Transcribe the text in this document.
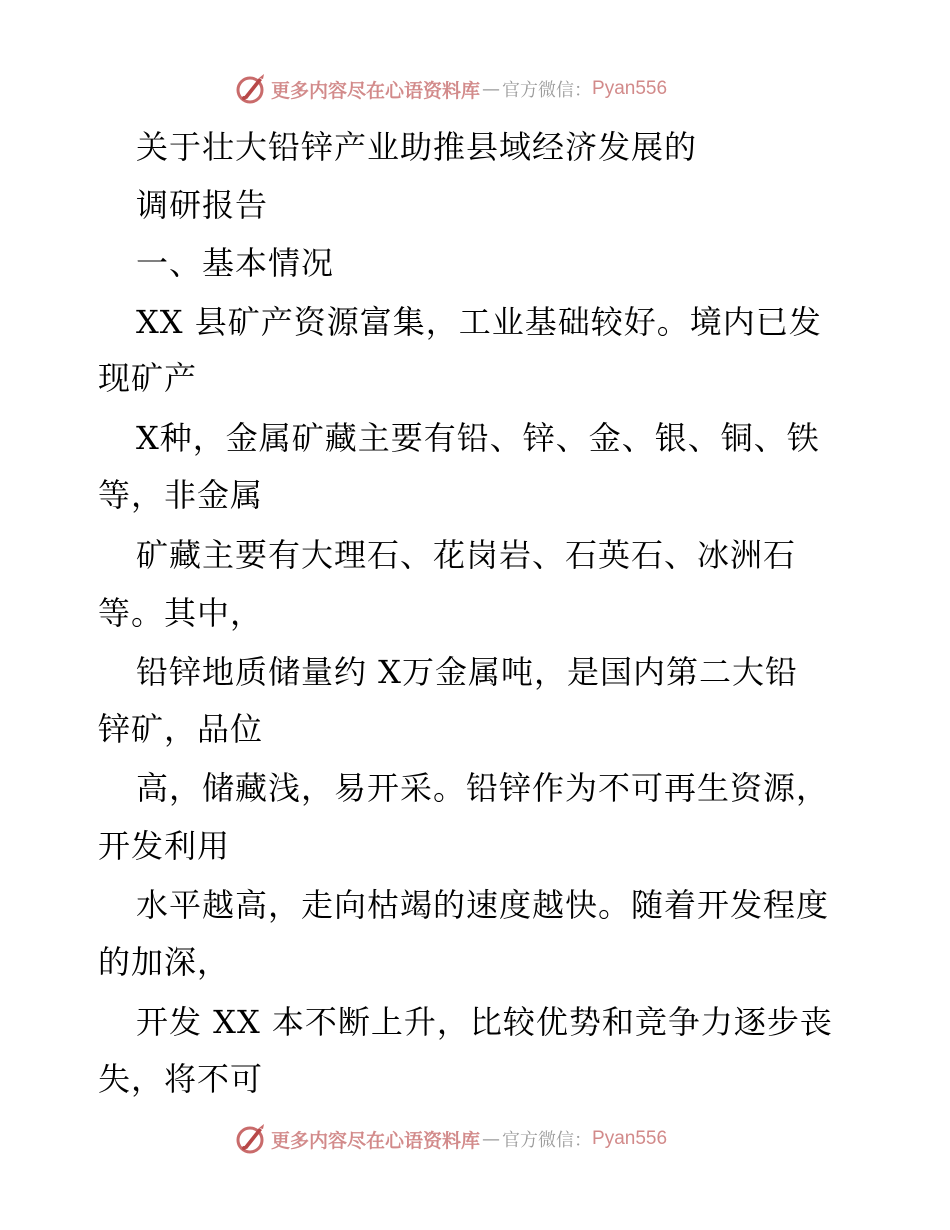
更多内容尽在心语资料库 — 官方微信： Pyan556
关于壮大铅锌产业助推县域经济发展的
调研报告
一、基本情况
XX 县矿产资源富集，工业基础较好。境内已发
现矿产
X种，金属矿藏主要有铅、锌、金、银、铜、铁
等，非金属
矿藏主要有大理石、花岗岩、石英石、冰洲石
等。其中，
铅锌地质储量约 X万金属吨，是国内第二大铅
锌矿，品位
高，储藏浅，易开采。铅锌作为不可再生资源，
开发利用
水平越高，走向枯竭的速度越快。随着开发程度
的加深，
开发 XX 本不断上升，比较优势和竞争力逐步丧
失，将不可
更多内容尽在心语资料库 — 官方微信： Pyan556
